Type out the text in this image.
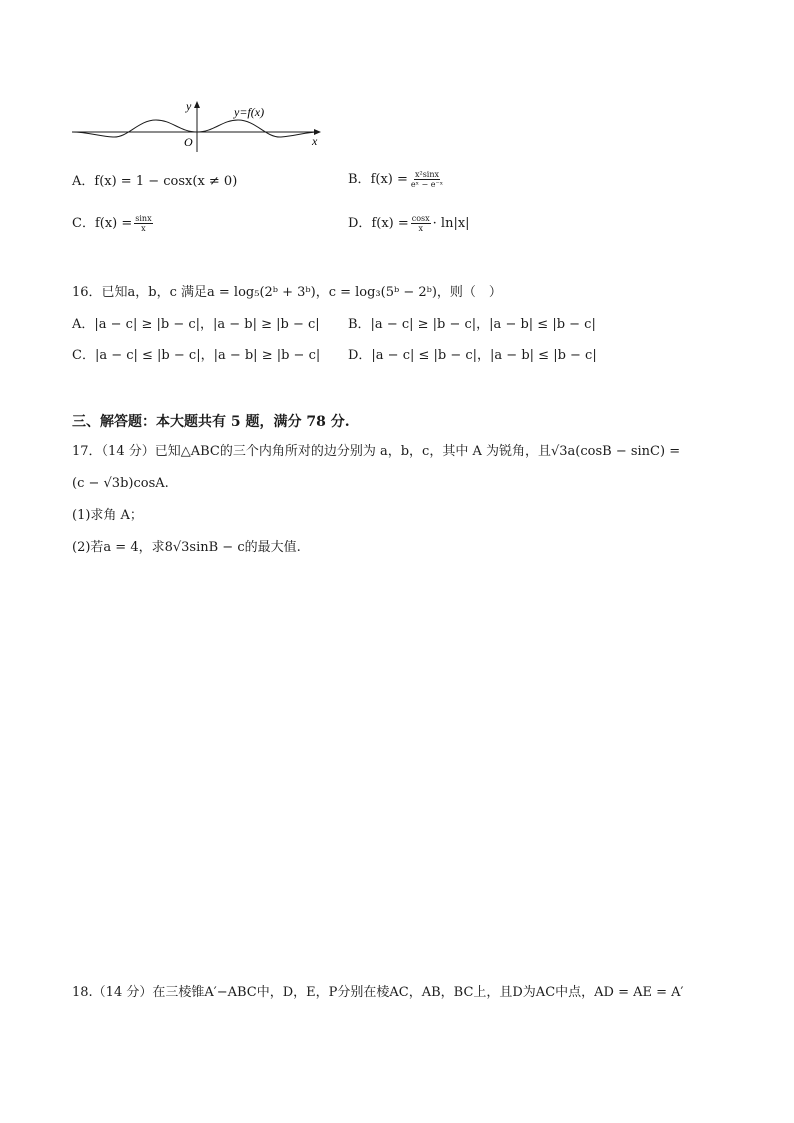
y
x
O
y=f(x)
A．f(x) = 1 − cosx(x ≠ 0)	B．$f(x) = \frac{\text{x²sinx}}{\text{eˣ − e⁻ˣ}}$
C．$f(x) = \frac{\sin x}{x}$	D．$f(x) = \frac{\cos x}{x} \cdot \ln|x|$
16．已知a，b，c 满足a = log₅(2ᵇ + 3ᵇ)，c = log₃(5ᵇ − 2ᵇ)，则（　）
A．|a − c| ≥ |b − c|，|a − b| ≥ |b − c| B．|a − c| ≥ |b − c|，|a − b| ≤ |b − c|
C．|a − c| ≤ |b − c|，|a − b| ≥ |b − c| D．|a − c| ≤ |b − c|，|a − b| ≤ |b − c|
三、解答题：本大题共有 5 题，满分 78 分.
17．（14 分）已知△ABC的三个内角所对的边分别为 a，b，c，其中 A 为锐角，且√3a(cosB − sinC) =
(c − √3b)cosA.
(1)求角 A；
(2)若a = 4，求8√3sinB − c的最大值.
18.（14 分）在三棱锥A′−ABC中，D，E，P分别在棱AC，AB，BC上，且D为AC中点，AD = AE = A′
